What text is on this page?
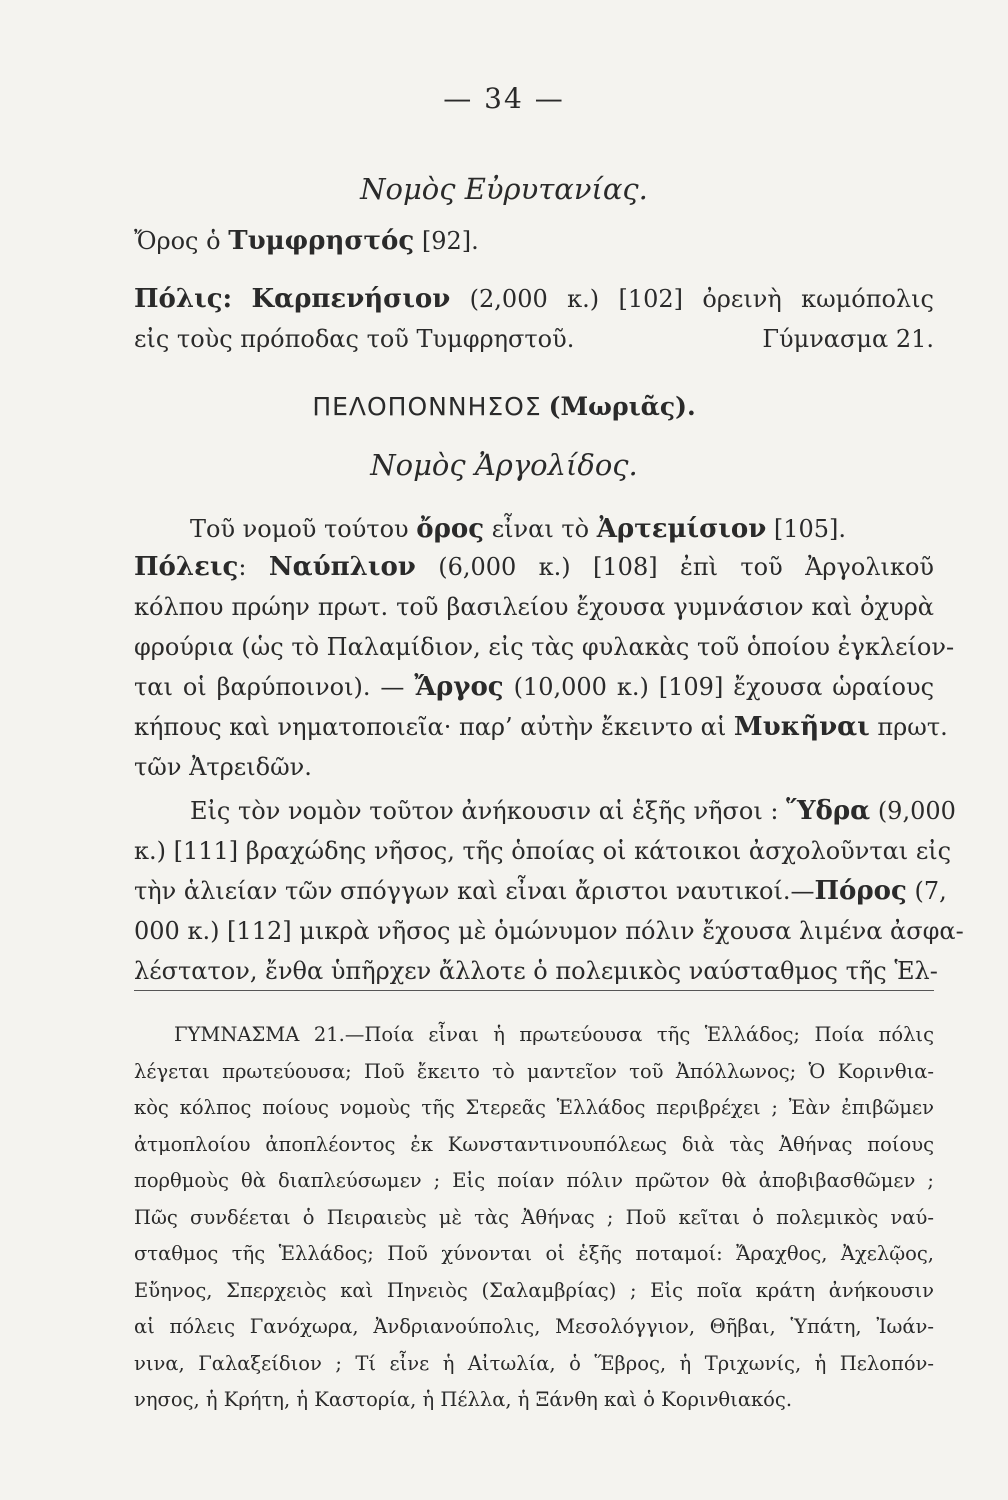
— 34 —
Νομὸς Εὐρυτανίας.
Ὄρος ὁ Τυμφρηστός [92].
Πόλις: Καρπενήσιον (2,000 κ.) [102] ὀρεινὴ κωμόπολις
εἰς τοὺς πρόποδας τοῦ Τυμφρηστοῦ.	Γύμνασμα 21.
ΠΕΛΟΠΟΝΝΗΣΟΣ (Μωριᾶς).
Νομὸς Ἀργολίδος.
Τοῦ νομοῦ τούτου ὄρος εἶναι τὸ Ἀρτεμίσιον [105].
Πόλεις: Ναύπλιον (6,000 κ.) [108] ἐπὶ τοῦ Ἀργολικοῦ
κόλπου πρώην πρωτ. τοῦ βασιλείου ἔχουσα γυμνάσιον καὶ ὀχυρὰ
φρούρια (ὡς τὸ Παλαμίδιον, εἰς τὰς φυλακὰς τοῦ ὁποίου ἐγκλείον-
ται οἱ βαρύποινοι). — Ἄργος (10,000 κ.) [109] ἔχουσα ὡραίους
κήπους καὶ νηματοποιεῖα· παρ’ αὐτὴν ἔκειντο αἱ Μυκῆναι πρωτ.
τῶν Ἀτρειδῶν.
Εἰς τὸν νομὸν τοῦτον ἀνήκουσιν αἱ ἑξῆς νῆσοι : Ὕδρα (9,000
κ.) [111] βραχώδης νῆσος, τῆς ὁποίας οἱ κάτοικοι ἀσχολοῦνται εἰς
τὴν ἁλιείαν τῶν σπόγγων καὶ εἶναι ἄριστοι ναυτικοί.—Πόρος (7,
000 κ.) [112] μικρὰ νῆσος μὲ ὁμώνυμον πόλιν ἔχουσα λιμένα ἀσφα-
λέστατον, ἔνθα ὑπῆρχεν ἄλλοτε ὁ πολεμικὸς ναύσταθμος τῆς Ἑλ-
ΓΥΜΝΑΣΜΑ 21.—Ποία εἶναι ἡ πρωτεύουσα τῆς Ἑλλάδος; Ποία πόλις
λέγεται πρωτεύουσα; Ποῦ ἔκειτο τὸ μαντεῖον τοῦ Ἀπόλλωνος; Ὁ Κορινθια-
κὸς κόλπος ποίους νομοὺς τῆς Στερεᾶς Ἑλλάδος περιβρέχει ; Ἐὰν ἐπιβῶμεν
ἀτμοπλοίου ἀποπλέοντος ἐκ Κωνσταντινουπόλεως διὰ τὰς Ἀθήνας ποίους
πορθμοὺς θὰ διαπλεύσωμεν ; Εἰς ποίαν πόλιν πρῶτον θὰ ἀποβιβασθῶμεν ;
Πῶς συνδέεται ὁ Πειραιεὺς μὲ τὰς Ἀθήνας ; Ποῦ κεῖται ὁ πολεμικὸς ναύ-
σταθμος τῆς Ἑλλάδος; Ποῦ χύνονται οἱ ἑξῆς ποταμοί: Ἄραχθος, Ἀχελῷος,
Εὔηνος, Σπερχειὸς καὶ Πηνειὸς (Σαλαμβρίας) ; Εἰς ποῖα κράτη ἀνήκουσιν
αἱ πόλεις Γανόχωρα, Ἀνδριανούπολις, Μεσολόγγιον, Θῆβαι, Ὑπάτη, Ἰωάν-
νινα, Γαλαξείδιον ; Τί εἶνε ἡ Αἰτωλία, ὁ Ἕβρος, ἡ Τριχωνίς, ἡ Πελοπόν-
νησος, ἡ Κρήτη, ἡ Καστορία, ἡ Πέλλα, ἡ Ξάνθη καὶ ὁ Κορινθιακός.
